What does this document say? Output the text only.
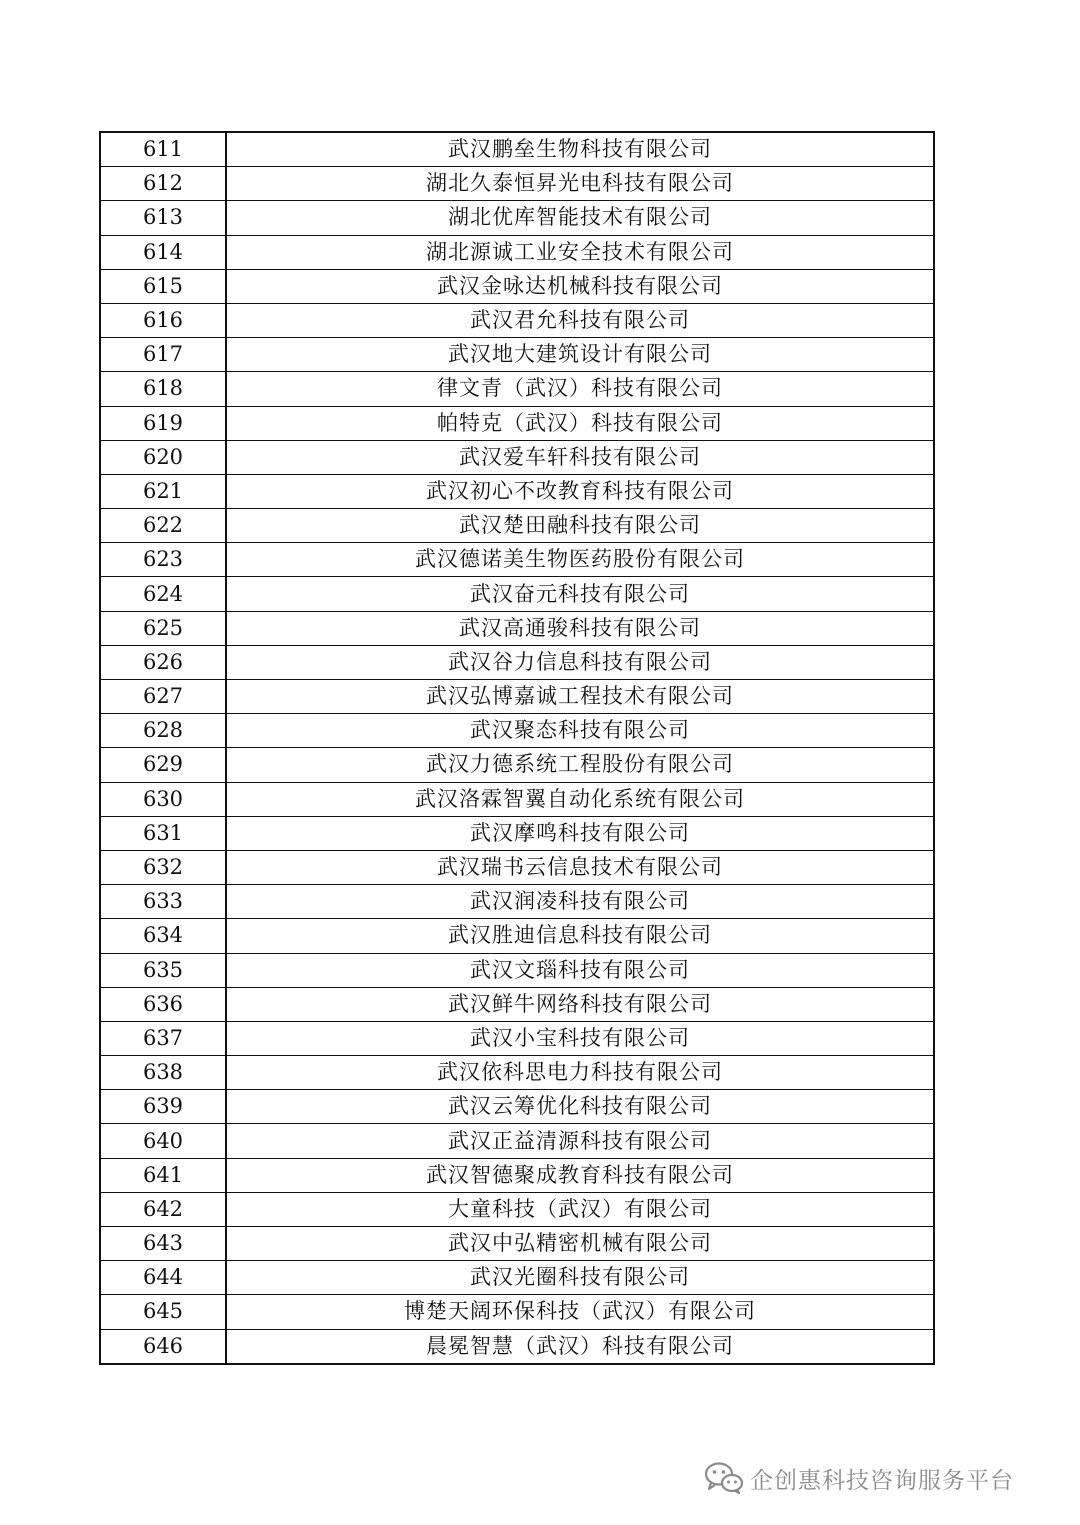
611	武汉鹏垒生物科技有限公司
612	湖北久泰恒昇光电科技有限公司
613	湖北优库智能技术有限公司
614	湖北源诚工业安全技术有限公司
615	武汉金咏达机械科技有限公司
616	武汉君允科技有限公司
617	武汉地大建筑设计有限公司
618	律文青（武汉）科技有限公司
619	帕特克（武汉）科技有限公司
620	武汉爱车轩科技有限公司
621	武汉初心不改教育科技有限公司
622	武汉楚田融科技有限公司
623	武汉德诺美生物医药股份有限公司
624	武汉奋元科技有限公司
625	武汉高通骏科技有限公司
626	武汉谷力信息科技有限公司
627	武汉弘博嘉诚工程技术有限公司
628	武汉聚态科技有限公司
629	武汉力德系统工程股份有限公司
630	武汉洛霖智翼自动化系统有限公司
631	武汉摩鸣科技有限公司
632	武汉瑞书云信息技术有限公司
633	武汉润凌科技有限公司
634	武汉胜迪信息科技有限公司
635	武汉文瑙科技有限公司
636	武汉鲜牛网络科技有限公司
637	武汉小宝科技有限公司
638	武汉依科思电力科技有限公司
639	武汉云筹优化科技有限公司
640	武汉正益清源科技有限公司
641	武汉智德聚成教育科技有限公司
642	大童科技（武汉）有限公司
643	武汉中弘精密机械有限公司
644	武汉光圈科技有限公司
645	博楚天阔环保科技（武汉）有限公司
646	晨冕智慧（武汉）科技有限公司
企创惠科技咨询服务平台
